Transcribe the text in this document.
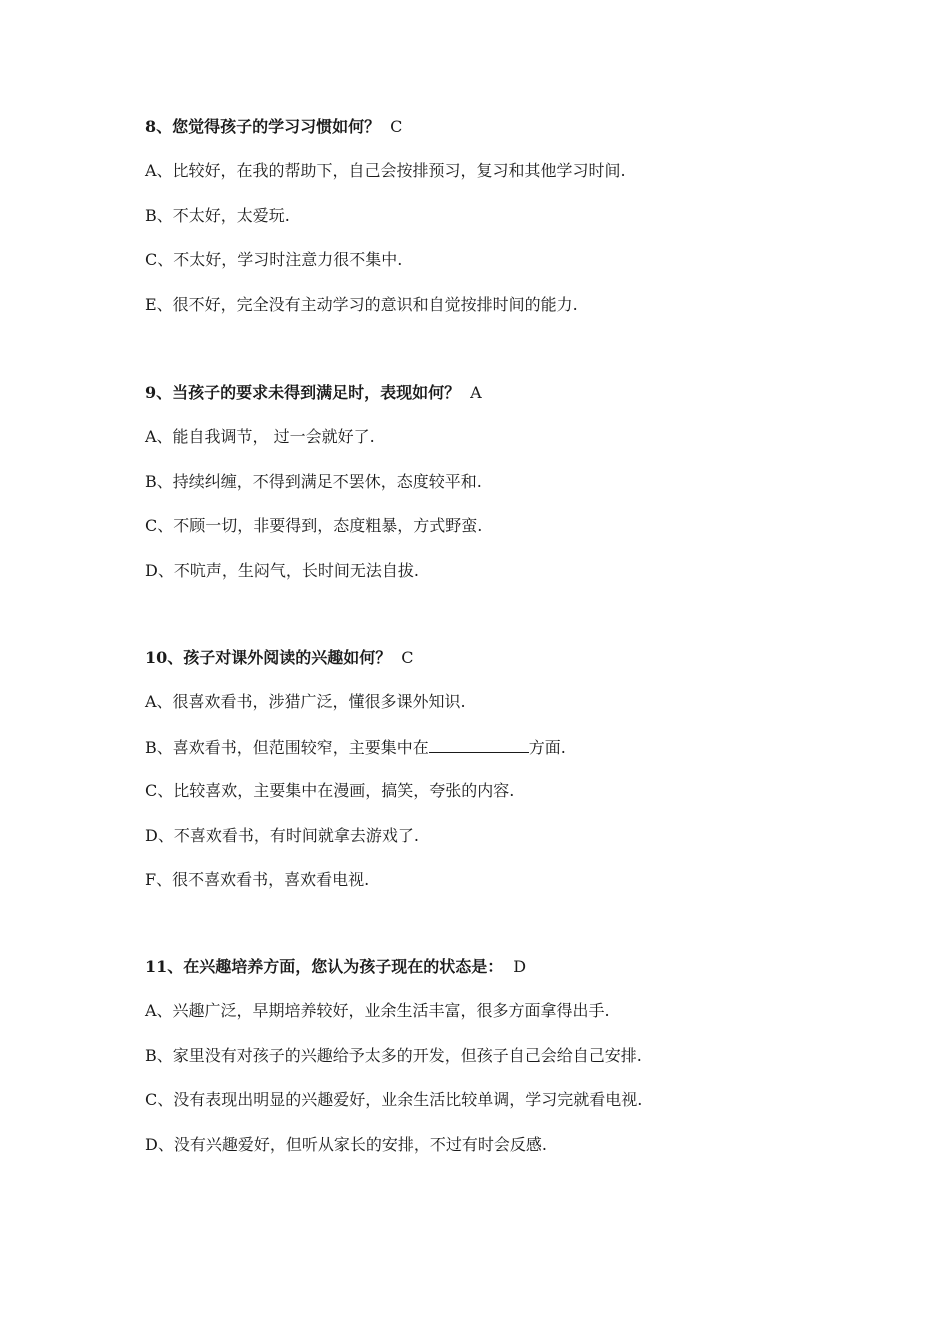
8、您觉得孩子的学习习惯如何？ C
A、比较好，在我的帮助下，自己会按排预习，复习和其他学习时间.
B、不太好，太爱玩.
C、不太好，学习时注意力很不集中.
E、很不好，完全没有主动学习的意识和自觉按排时间的能力.
9、当孩子的要求未得到满足时，表现如何？ A
A、能自我调节， 过一会就好了.
B、持续纠缠，不得到满足不罢休，态度较平和.
C、不顾一切，非要得到，态度粗暴，方式野蛮.
D、不吭声，生闷气，长时间无法自拔.
10、孩子对课外阅读的兴趣如何？ C
A、很喜欢看书，涉猎广泛，懂很多课外知识.
B、喜欢看书，但范围较窄，主要集中在	方面.
C、比较喜欢，主要集中在漫画，搞笑，夸张的内容.
D、不喜欢看书，有时间就拿去游戏了.
F、很不喜欢看书，喜欢看电视.
11、在兴趣培养方面，您认为孩子现在的状态是： D
A、兴趣广泛，早期培养较好，业余生活丰富，很多方面拿得出手.
B、家里没有对孩子的兴趣给予太多的开发，但孩子自己会给自己安排.
C、没有表现出明显的兴趣爱好，业余生活比较单调，学习完就看电视.
D、没有兴趣爱好，但听从家长的安排，不过有时会反感.
